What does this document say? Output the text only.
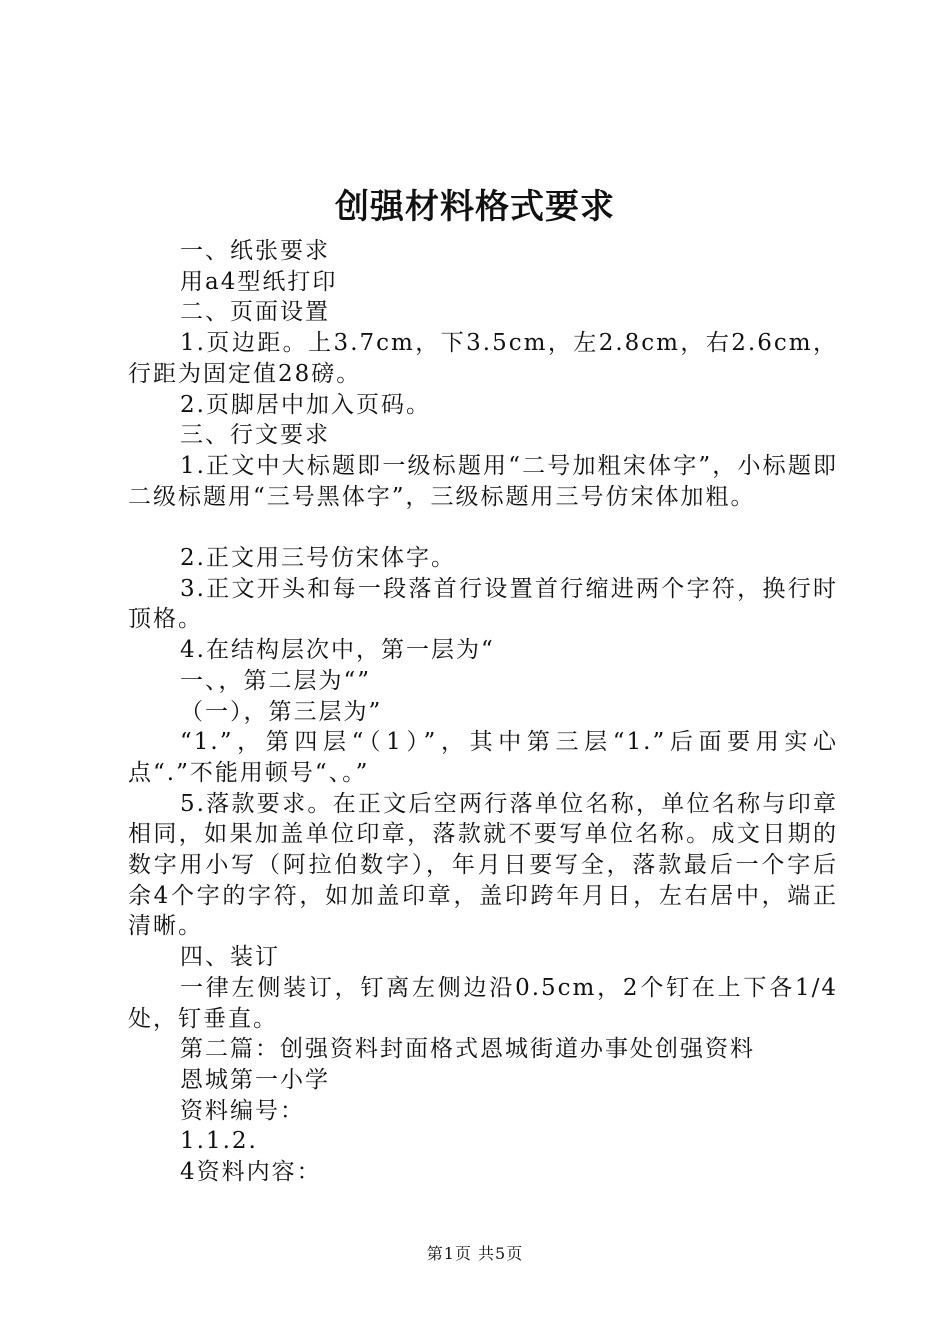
创强材料格式要求

一、纸张要求

用a4型纸打印

二、页面设置

1.页边距。上3.7cm，下3.5cm，左2.8cm，右2.6cm，行距为固定值28磅。

2.页脚居中加入页码。

三、行文要求

1.正文中大标题即一级标题用“二号加粗宋体字”，小标题即二级标题用“三号黑体字”，三级标题用三号仿宋体加粗。

2.正文用三号仿宋体字。

3.正文开头和每一段落首行设置首行缩进两个字符，换行时顶格。

4.在结构层次中，第一层为“

一、，第二层为“”

（一），第三层为”

“1.”，第四层“（1）”，其中第三层“1.”后面要用实心点“.”不能用顿号“、。”

5.落款要求。在正文后空两行落单位名称，单位名称与印章相同，如果加盖单位印章，落款就不要写单位名称。成文日期的数字用小写（阿拉伯数字），年月日要写全，落款最后一个字后余4个字的字符，如加盖印章，盖印跨年月日，左右居中，端正清晰。

四、装订

一律左侧装订，钉离左侧边沿0.5cm，2个钉在上下各1/4处，钉垂直。

第二篇：创强资料封面格式恩城街道办事处创强资料

恩城第一小学

资料编号：

1.1.2.

4资料内容：

第1页 共5页
